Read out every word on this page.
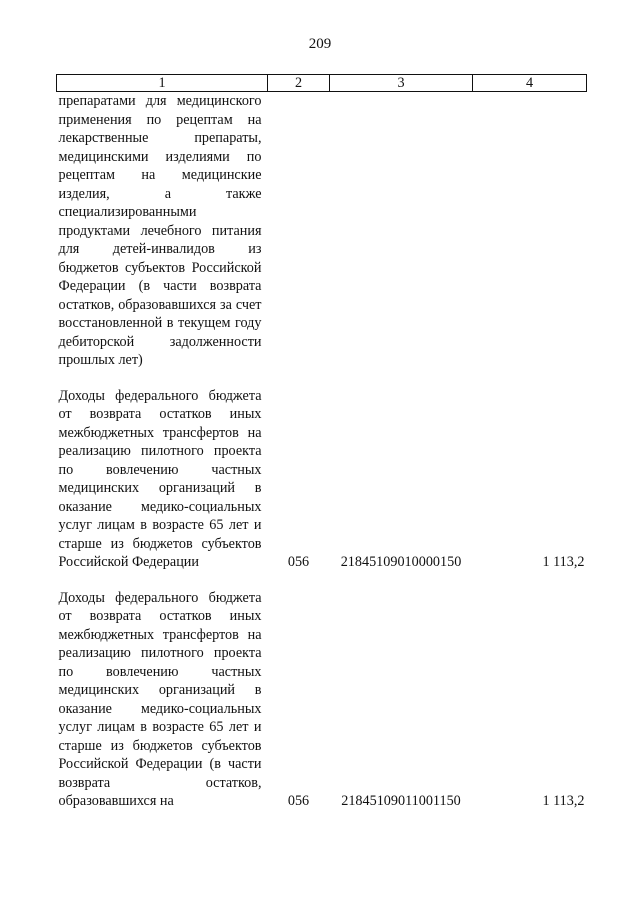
209
1	2	3	4
препаратами для медицинского применения по рецептам на лекарственные препараты, медицинскими изделиями по рецептам на медицинские изделия, а также специализированными продуктами лечебного питания для детей-инвалидов из бюджетов субъектов Российской Федерации (в части возврата остатков, образовавшихся за счет восстановленной в текущем году дебиторской задолженности прошлых лет)			

Доходы федерального бюджета от возврата остатков иных межбюджетных трансфертов на реализацию пилотного проекта по вовлечению частных медицинских организаций в оказание медико-социальных услуг лицам в возрасте 65 лет и старше из бюджетов субъектов Российской Федерации	056	21845109010000150	1 113,2

Доходы федерального бюджета от возврата остатков иных межбюджетных трансфертов на реализацию пилотного проекта по вовлечению частных медицинских организаций в оказание медико-социальных услуг лицам в возрасте 65 лет и старше из бюджетов субъектов Российской Федерации (в части возврата остатков, образовавшихся на	056	21845109011001150	1 113,2
